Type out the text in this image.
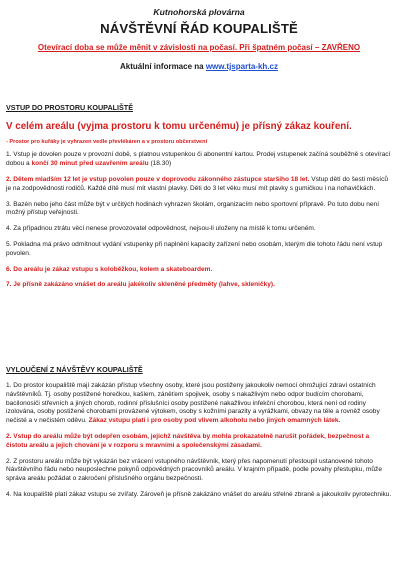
Kutnohorská plovárna

NÁVŠTĚVNÍ ŘÁD KOUPALIŠTĚ

Otevírací doba se může měnit v závislosti na počasí. Při špatném počasí – ZAVŘENO

Aktuální informace na www.tjsparta-kh.cz

VSTUP DO PROSTORU KOUPALIŠTĚ

V celém areálu (vyjma prostoru k tomu určenému) je přísný zákaz kouření.

- Prostor pro kuřáky je vyhrazen vedle převlékáren a v prostoru občerstvení

1. Vstup je dovolen pouze v provozní době, s platnou vstupenkou či abonentní kartou. Prodej vstupenek začíná souběžně s otevírací dobou a končí 30 minut před uzavřením areálu (18.30)

2. Dětem mladším 12 let je vstup povolen pouze v doprovodu zákonného zástupce staršího 18 let. Vstup dětí do šesti měsíců je na zodpovědnosti rodičů. Každé dítě musí mít vlastní plavky. Děti do 3 let věku musí mít plavky s gumičkou i na nohavičkách.

3. Bazén nebo jeho část může být v určitých hodinách vyhrazen školám, organizacím nebo sportovní přípravě. Po tuto dobu není možný přístup veřejnosti.

4. Za případnou ztrátu věcí nenese provozovatel odpovědnost, nejsou-li uloženy na místě k tomu určeném.

5. Pokladna má právo odmítnout vydání vstupenky při naplnění kapacity zařízení nebo osobám, kterým dle tohoto řádu není vstup povolen.

6. Do areálu je zákaz vstupu s koloběžkou, kolem a skateboardem.

7. Je přísně zakázáno vnášet do areálu jakékoliv skleněné předměty (lahve, skleničky).

VYLOUČENÍ Z NÁVŠTĚVY KOUPALIŠTĚ

1. Do prostor koupaliště mají zakázán přístup všechny osoby, které jsou postiženy jakoukoliv nemocí ohrožující zdraví ostatních návštěvníků. Tj. osoby postižené horečkou, kašlem, záněťem spojivek, osoby s nakažlivým nebo odpor budícím chorobami, bacilonosiči střevních a jiných chorob, rodinní příslušníci osoby postižené nakažlivou infekční chorobou, která není od rodiny izolována, osoby postižené chorobami provázené výtokem, osoby s kožními parazity a vyrážkami, obvazy na těle a rovněž osoby nečisté a v nečistém oděvu. Zákaz vstupu platí i pro osoby pod vlivem alkoholu nebo jiných omamných látek.

2. Vstup do areálu může být odepřen osobám, jejichž návštěva by mohla prokazatelně narušit pořádek, bezpečnost a čistotu areálu a jejich chování je v rozporu s mravními a společenskými zásadami.

2. Z prostoru areálu může být vykázán bez vrácení vstupného návštěvník, který přes napomenutí přestoupil ustanovené tohoto Návštěvního řádu nebo neuposlechne pokynů odpovědných pracovníků areálu. V krajním případě, podle povahy přestupku, může správa areálu požádat o zakročení příslušného orgánu bezpečnosti.

4. Na koupaliště platí zákaz vstupu se zvířaty. Zároveň je přísně zakázáno vnášet do areálu střelné zbraně a jakoukoliv pyrotechniku.
